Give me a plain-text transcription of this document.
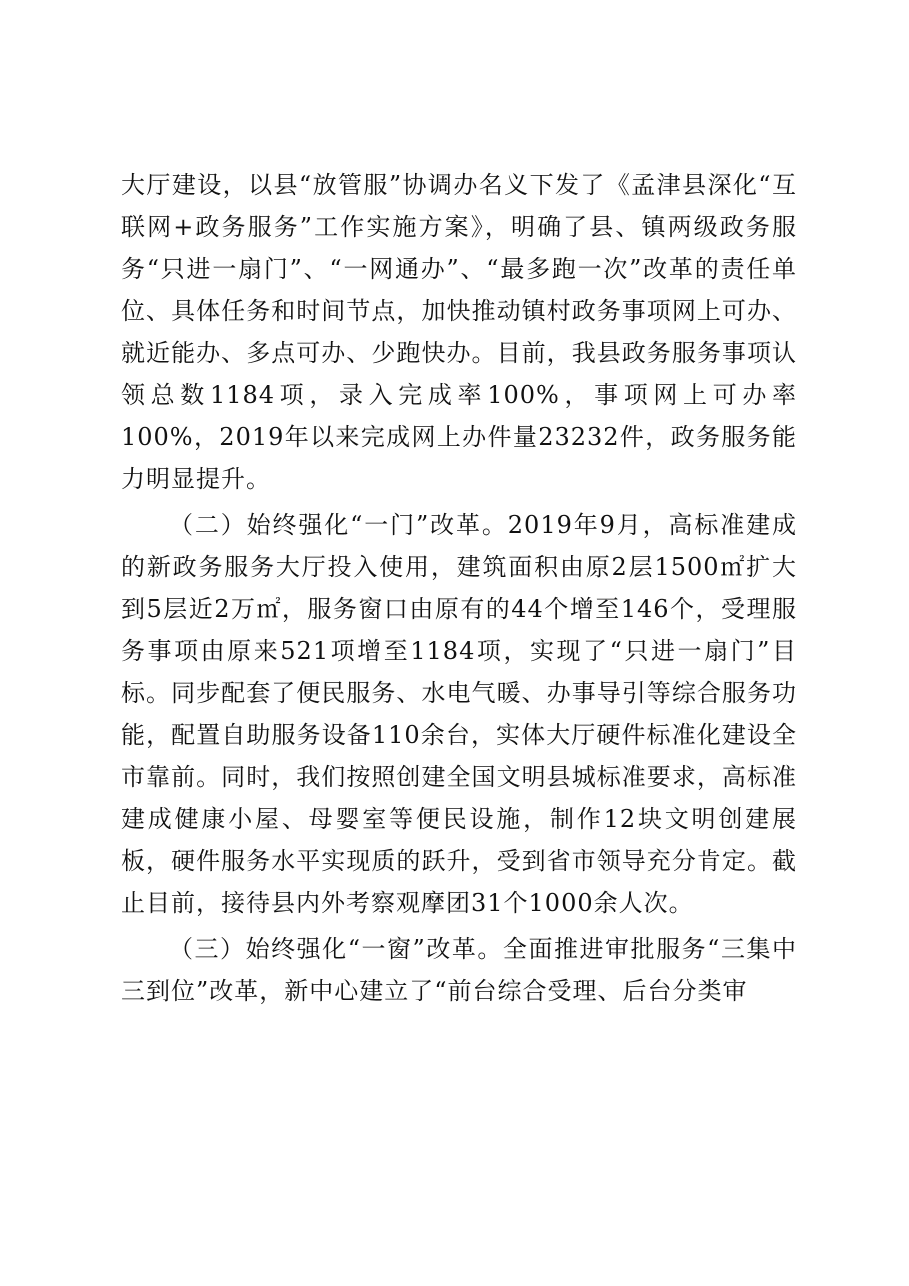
大厅建设，以县“放管服”协调办名义下发了《孟津县深化“互联网+政务服务”工作实施方案》，明确了县、镇两级政务服务“只进一扇门”、“一网通办”、“最多跑一次”改革的责任单位、具体任务和时间节点，加快推动镇村政务事项网上可办、就近能办、多点可办、少跑快办。目前，我县政务服务事项认领总数1184项，录入完成率100%，事项网上可办率100%，2019年以来完成网上办件量23232件，政务服务能力明显提升。

（二）始终强化“一门”改革。2019年9月，高标准建成的新政务服务大厅投入使用，建筑面积由原2层1500㎡扩大到5层近2万㎡，服务窗口由原有的44个增至146个，受理服务事项由原来521项增至1184项，实现了“只进一扇门”目标。同步配套了便民服务、水电气暖、办事导引等综合服务功能，配置自助服务设备110余台，实体大厅硬件标准化建设全市靠前。同时，我们按照创建全国文明县城标准要求，高标准建成健康小屋、母婴室等便民设施，制作12块文明创建展板，硬件服务水平实现质的跃升，受到省市领导充分肯定。截止目前，接待县内外考察观摩团31个1000余人次。

（三）始终强化“一窗”改革。全面推进审批服务“三集中三到位”改革，新中心建立了“前台综合受理、后台分类审
